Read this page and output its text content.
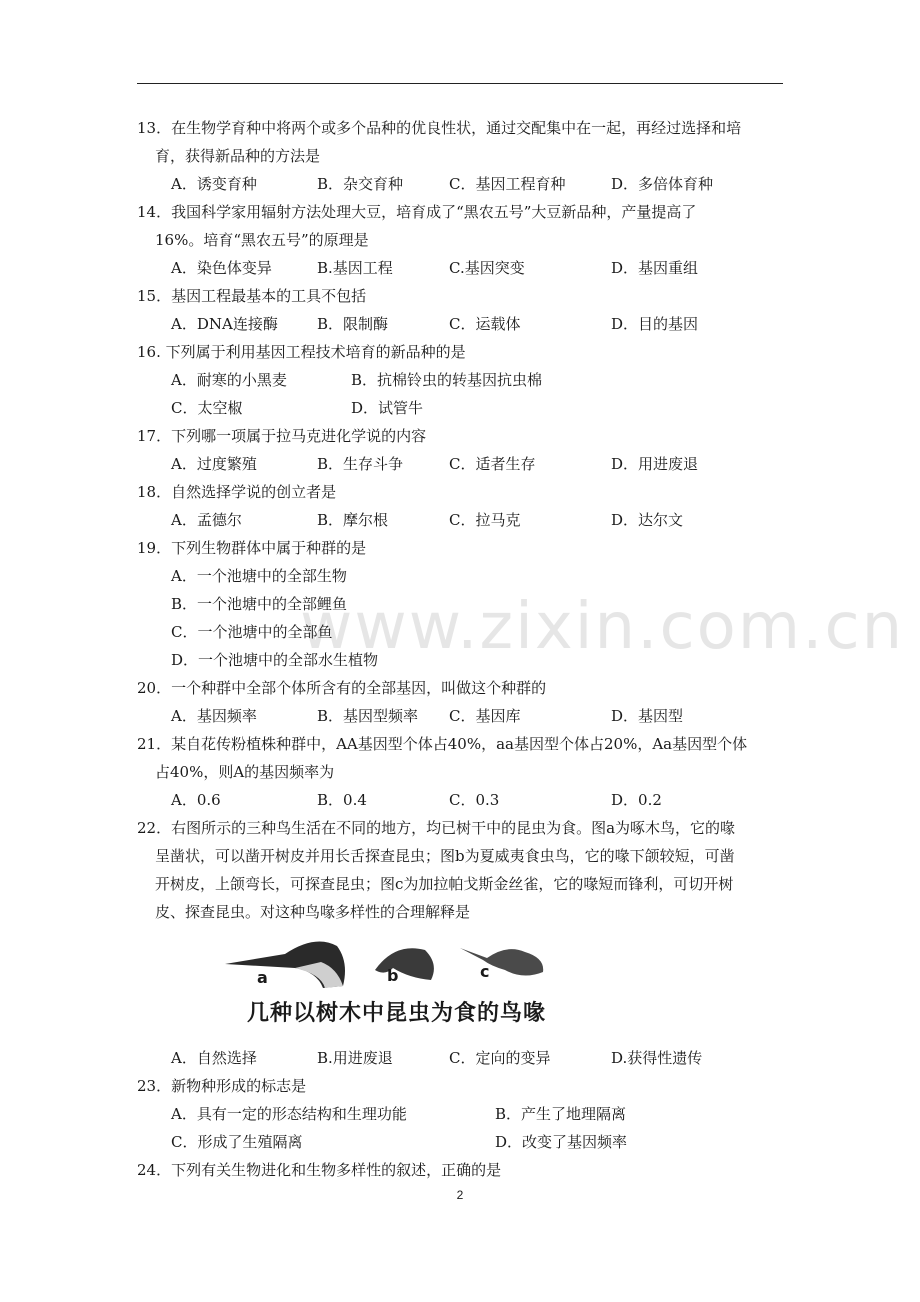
www.zixin.com.cn
13．在生物学育种中将两个或多个品种的优良性状，通过交配集中在一起，再经过选择和培
育，获得新品种的方法是
A．诱变育种	B．杂交育种	C．基因工程育种	D．多倍体育种
14．我国科学家用辐射方法处理大豆，培育成了“黑农五号”大豆新品种，产量提高了
16%。培育“黑农五号”的原理是
A．染色体变异	B.基因工程	C.基因突变	D．基因重组
15．基因工程最基本的工具不包括
A．DNA连接酶	B．限制酶	C．运载体	D．目的基因
16. 下列属于利用基因工程技术培育的新品种的是
A．耐寒的小黑麦	B．抗棉铃虫的转基因抗虫棉
C．太空椒	D．试管牛
17．下列哪一项属于拉马克进化学说的内容
A．过度繁殖	B．生存斗争	C．适者生存	D．用进废退
18．自然选择学说的创立者是
A．孟德尔	B．摩尔根	C．拉马克	D．达尔文
19．下列生物群体中属于种群的是
A．一个池塘中的全部生物
B．一个池塘中的全部鲤鱼
C．一个池塘中的全部鱼
D．一个池塘中的全部水生植物
20．一个种群中全部个体所含有的全部基因，叫做这个种群的
A．基因频率	B．基因型频率	C．基因库	D．基因型
21．某自花传粉植株种群中，AA基因型个体占40%，aa基因型个体占20%，Aa基因型个体
占40%，则A的基因频率为
A．0.6	B．0.4	C．0.3	D．0.2
22．右图所示的三种鸟生活在不同的地方，均已树干中的昆虫为食。图a为啄木鸟，它的喙
呈凿状，可以凿开树皮并用长舌探查昆虫；图b为夏威夷食虫鸟，它的喙下颌较短，可凿
开树皮，上颌弯长，可探查昆虫；图c为加拉帕戈斯金丝雀，它的喙短而锋利，可切开树
皮、探查昆虫。对这种鸟喙多样性的合理解释是
a	b	c
几种以树木中昆虫为食的鸟喙
A．自然选择	B.用进废退	C．定向的变异	D.获得性遗传
23．新物种形成的标志是
A．具有一定的形态结构和生理功能	B．产生了地理隔离
C．形成了生殖隔离	D．改变了基因频率
24．下列有关生物进化和生物多样性的叙述，正确的是
2
